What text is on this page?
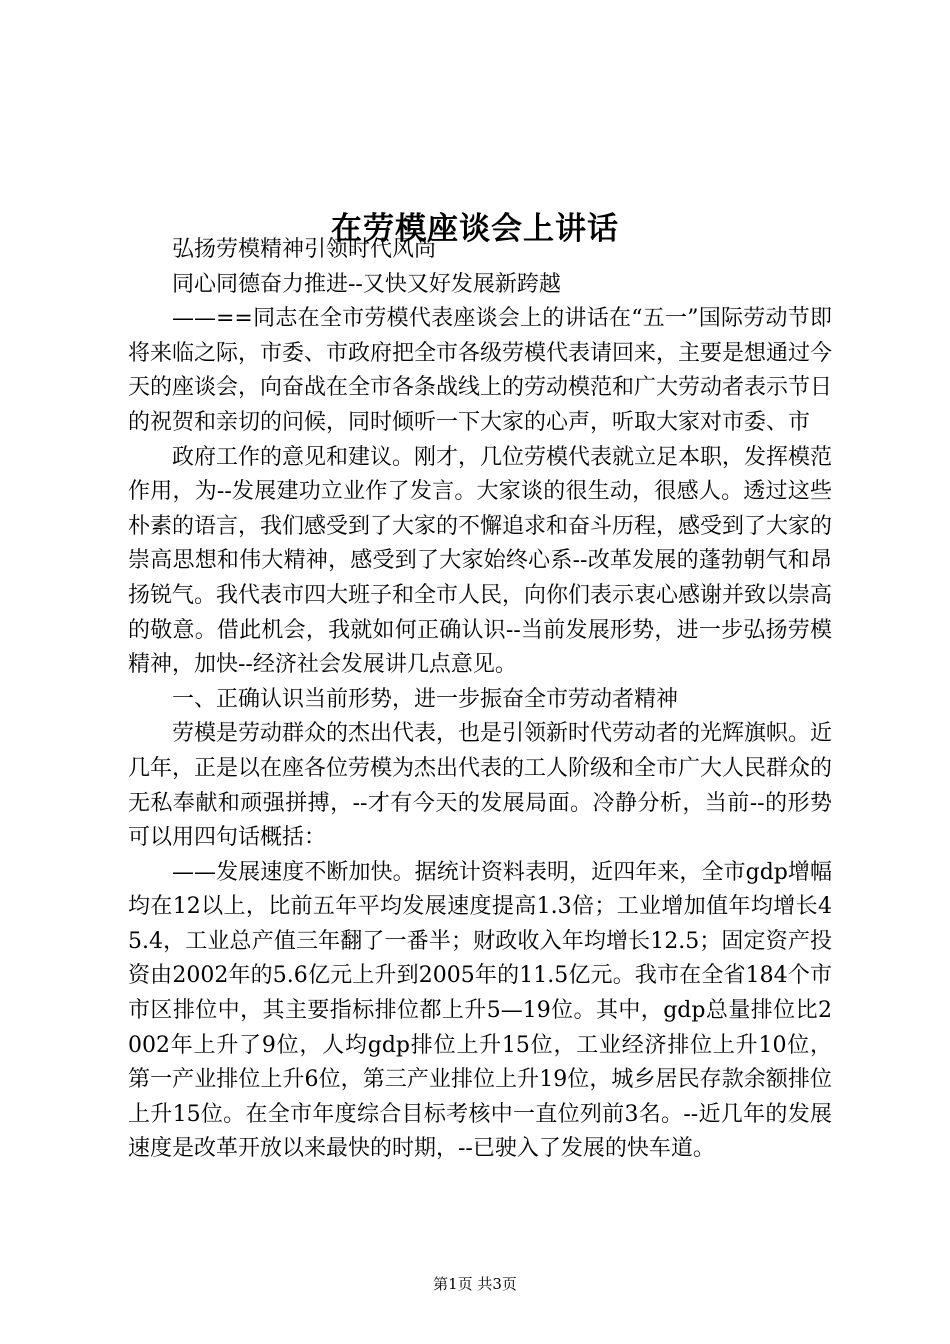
在劳模座谈会上讲话

弘扬劳模精神引领时代风尚

同心同德奋力推进--又快又好发展新跨越

——==同志在全市劳模代表座谈会上的讲话在“五一”国际劳动节即将来临之际，市委、市政府把全市各级劳模代表请回来，主要是想通过今天的座谈会，向奋战在全市各条战线上的劳动模范和广大劳动者表示节日的祝贺和亲切的问候，同时倾听一下大家的心声，听取大家对市委、市

政府工作的意见和建议。刚才，几位劳模代表就立足本职，发挥模范作用，为--发展建功立业作了发言。大家谈的很生动，很感人。透过这些朴素的语言，我们感受到了大家的不懈追求和奋斗历程，感受到了大家的崇高思想和伟大精神，感受到了大家始终心系--改革发展的蓬勃朝气和昂扬锐气。我代表市四大班子和全市人民，向你们表示衷心感谢并致以崇高的敬意。借此机会，我就如何正确认识--当前发展形势，进一步弘扬劳模精神，加快--经济社会发展讲几点意见。

一、正确认识当前形势，进一步振奋全市劳动者精神

劳模是劳动群众的杰出代表，也是引领新时代劳动者的光辉旗帜。近几年，正是以在座各位劳模为杰出代表的工人阶级和全市广大人民群众的无私奉献和顽强拼搏，--才有今天的发展局面。冷静分析，当前--的形势可以用四句话概括：

——发展速度不断加快。据统计资料表明，近四年来，全市gdp增幅均在12以上，比前五年平均发展速度提高1.3倍；工业增加值年均增长45.4，工业总产值三年翻了一番半；财政收入年均增长12.5；固定资产投资由2002年的5.6亿元上升到2005年的11.5亿元。我市在全省184个市市区排位中，其主要指标排位都上升5—19位。其中，gdp总量排位比2002年上升了9位，人均gdp排位上升15位，工业经济排位上升10位，第一产业排位上升6位，第三产业排位上升19位，城乡居民存款余额排位上升15位。在全市年度综合目标考核中一直位列前3名。--近几年的发展速度是改革开放以来最快的时期，--已驶入了发展的快车道。

第1页 共3页
